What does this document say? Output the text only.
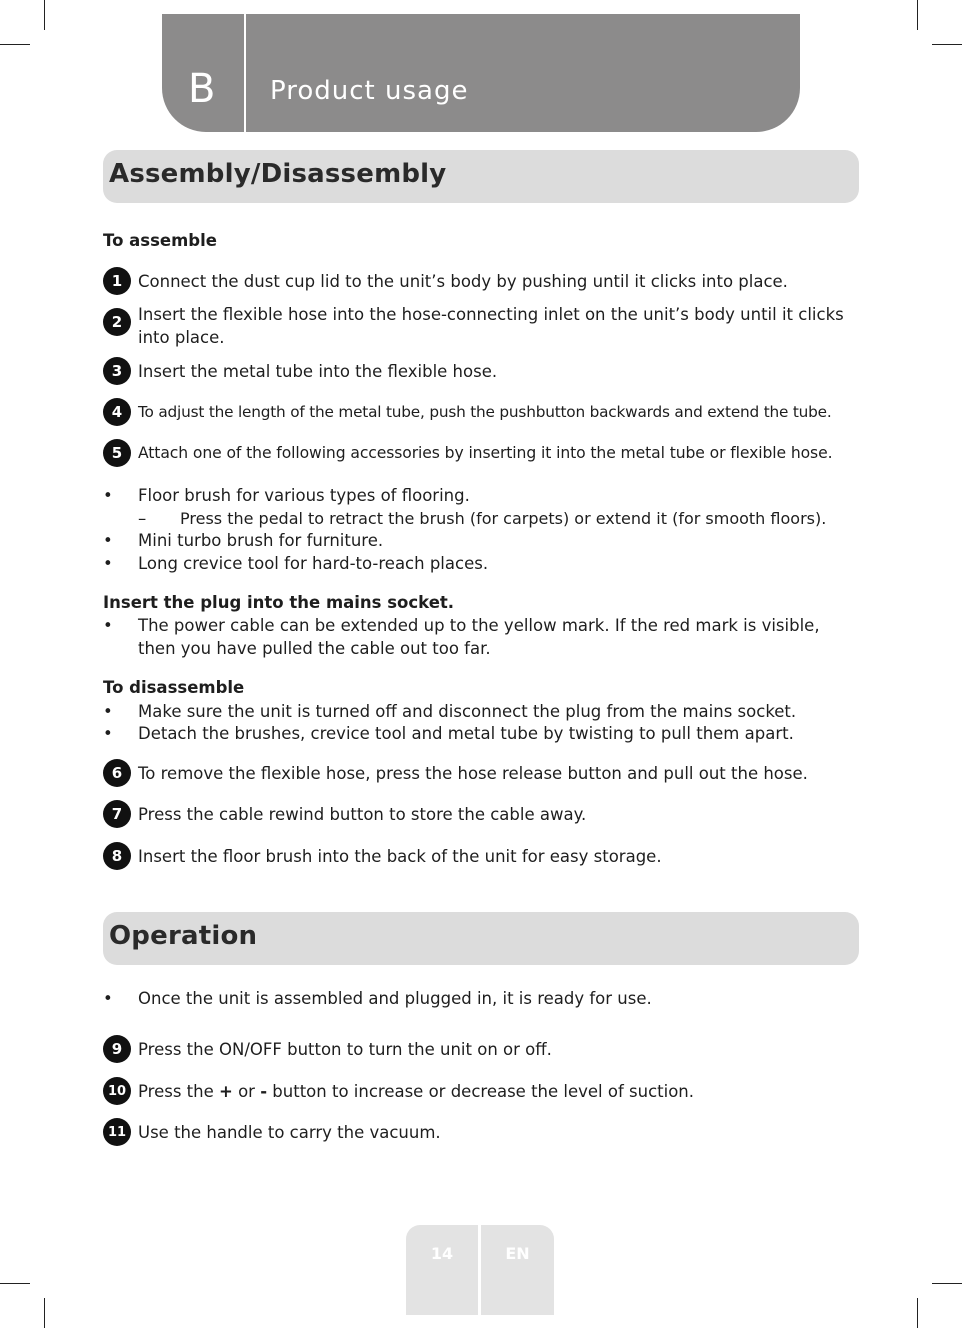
B Product usage
Assembly/Disassembly
To assemble
1 Connect the dust cup lid to the unit’s body by pushing until it clicks into place.
2 Insert the flexible hose into the hose-connecting inlet on the unit’s body until it clicks into place.
3 Insert the metal tube into the flexible hose.
4	To adjust the length of the metal tube, push the pushbutton backwards and extend the tube.
5	Attach one of the following accessories by inserting it into the metal tube or flexible hose.
• Floor brush for various types of flooring.
– Press the pedal to retract the brush (for carpets) or extend it (for smooth floors).
• Mini turbo brush for furniture.
• Long crevice tool for hard-to-reach places.
Insert the plug into the mains socket.
• The power cable can be extended up to the yellow mark. If the red mark is visible, then you have pulled the cable out too far.
To disassemble
• Make sure the unit is turned off and disconnect the plug from the mains socket.
• Detach the brushes, crevice tool and metal tube by twisting to pull them apart.
6 To remove the flexible hose, press the hose release button and pull out the hose.
7 Press the cable rewind button to store the cable away.
8 Insert the floor brush into the back of the unit for easy storage.
Operation
• Once the unit is assembled and plugged in, it is ready for use.
9 Press the ON/OFF button to turn the unit on or off.
10 Press the + or - button to increase or decrease the level of suction.
11 Use the handle to carry the vacuum.
14	EN
